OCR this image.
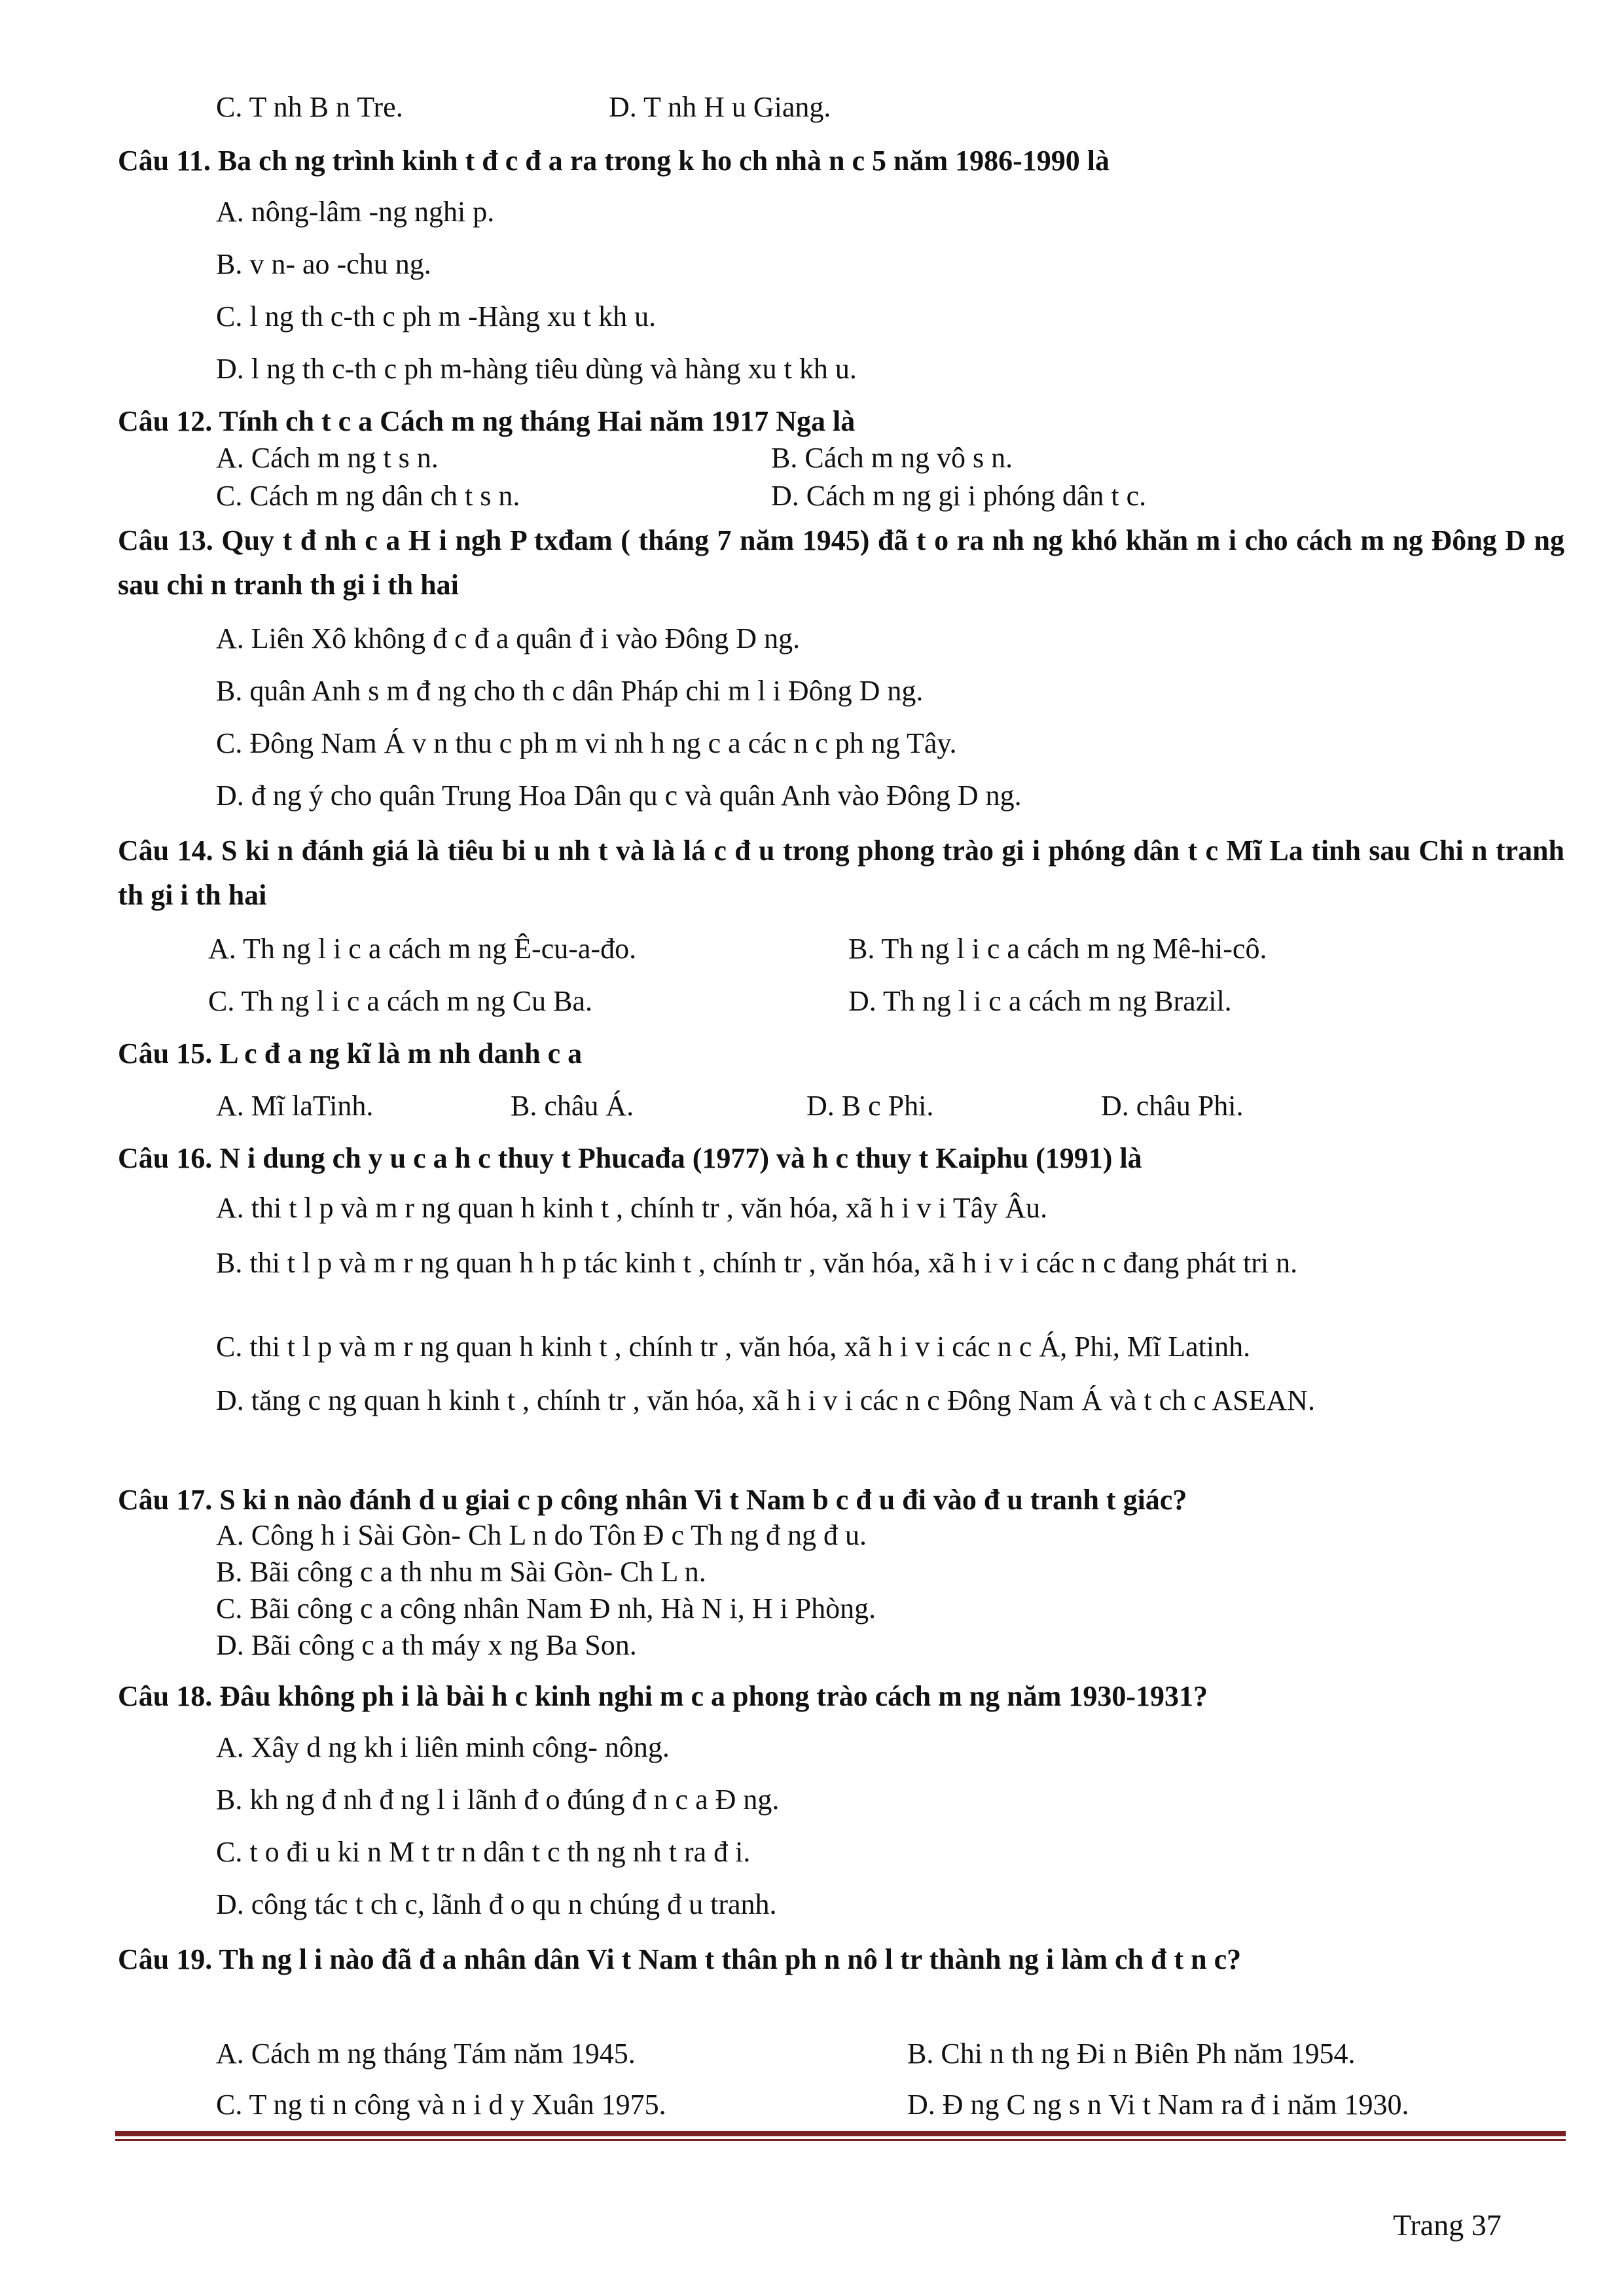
C. T nh B n Tre.	D. T nh H u Giang.
Câu 11. Ba ch ng trình kinh t đ c đ a ra trong k ho ch nhà n c 5 năm 1986-1990 là
A. nông-lâm -ng nghi p.
B. v n- ao -chu ng.
C. l ng th c-th c ph m -Hàng xu t kh u.
D. l ng th c-th c ph m-hàng tiêu dùng và hàng xu t kh u.
Câu 12. Tính ch t c a Cách m ng tháng Hai năm 1917 Nga là
A. Cách m ng t s n.	B. Cách m ng vô s n.
C. Cách m ng dân ch t s n.	D. Cách m ng gi i phóng dân t c.
Câu 13. Quy t đ nh c a H i ngh P txđam ( tháng 7 năm 1945) đã t o ra nh ng khó khăn m i cho cách m ng Đông D ng sau chi n tranh th gi i th hai
A. Liên Xô không đ c đ a quân đ i vào Đông D ng.
B. quân Anh s m đ ng cho th c dân Pháp chi m l i Đông D ng.
C. Đông Nam Á v n thu c ph m vi nh h ng c a các n c ph ng Tây.
D. đ ng ý cho quân Trung Hoa Dân qu c và quân Anh vào Đông D ng.
Câu 14. S ki n đánh giá là tiêu bi u nh t và là lá c đ u trong phong trào gi i phóng dân t c Mĩ La tinh sau Chi n tranh th gi i th hai
A. Th ng l i c a cách m ng Ê-cu-a-đo.	B. Th ng l i c a cách m ng Mê-hi-cô.
C. Th ng l i c a cách m ng Cu Ba.	D. Th ng l i c a cách m ng Brazil.
Câu 15. L c đ a ng kĩ là m nh danh c a
A. Mĩ laTinh.	B. châu Á.	D. B c Phi.	D. châu Phi.
Câu 16. N i dung ch y u c a h c thuy t Phucađa (1977) và h c thuy t Kaiphu (1991) là
A. thi t l p và m r ng quan h kinh t , chính tr , văn hóa, xã h i v i Tây Âu.
B. thi t l p và m r ng quan h h p tác kinh t , chính tr , văn hóa, xã h i v i các n c đang phát tri n.
C. thi t l p và m r ng quan h kinh t , chính tr , văn hóa, xã h i v i các n c Á, Phi, Mĩ Latinh.
D. tăng c ng quan h kinh t , chính tr , văn hóa, xã h i v i các n c Đông Nam Á và t ch c ASEAN.
Câu 17. S ki n nào đánh d u giai c p công nhân Vi t Nam b c đ u đi vào đ u tranh t giác?
A. Công h i Sài Gòn- Ch L n do Tôn Đ c Th ng đ ng đ u.
B. Bãi công c a th nhu m Sài Gòn- Ch L n.
C. Bãi công c a công nhân Nam Đ nh, Hà N i, H i Phòng.
D. Bãi công c a th máy x ng Ba Son.
Câu 18. Đâu không ph i là bài h c kinh nghi m c a phong trào cách m ng năm 1930-1931?
A. Xây d ng kh i liên minh công- nông.
B. kh ng đ nh đ ng l i lãnh đ o đúng đ n c a Đ ng.
C. t o đi u ki n M t tr n dân t c th ng nh t ra đ i.
D. công tác t ch c, lãnh đ o qu n chúng đ u tranh.
Câu 19. Th ng l i nào đã đ a nhân dân Vi t Nam t thân ph n nô l tr thành ng i làm ch đ t n c?
A. Cách m ng tháng Tám năm 1945.	B. Chi n th ng Đi n Biên Ph năm 1954.
C. T ng ti n công và n i d y Xuân 1975.	D. Đ ng C ng s n Vi t Nam ra đ i năm 1930.
Trang 37
